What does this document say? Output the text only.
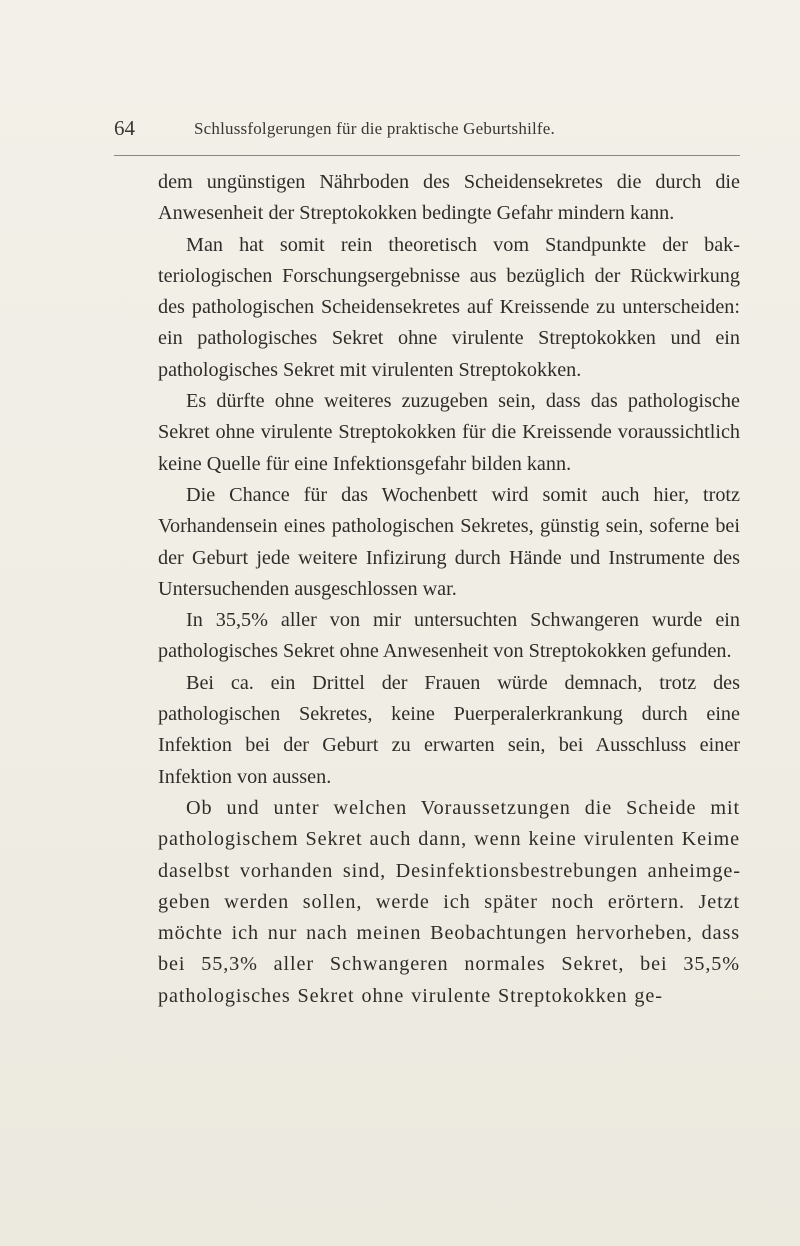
64	Schlussfolgerungen für die praktische Geburtshilfe.

dem ungünstigen Nährboden des Scheidensekretes die durch die Anwesenheit der Streptokokken bedingte Gefahr mindern kann.

Man hat somit rein theoretisch vom Standpunkte der bakteriologischen Forschungsergebnisse aus bezüglich der Rückwirkung des pathologischen Scheidensekretes auf Kreissende zu unterscheiden: ein pathologisches Sekret ohne virulente Streptokokken und ein pathologisches Sekret mit virulenten Streptokokken.

Es dürfte ohne weiteres zuzugeben sein, dass das pathologische Sekret ohne virulente Streptokokken für die Kreissende voraussichtlich keine Quelle für eine Infektionsgefahr bilden kann.

Die Chance für das Wochenbett wird somit auch hier, trotz Vorhandensein eines pathologischen Sekretes, günstig sein, soferne bei der Geburt jede weitere Infizirung durch Hände und Instrumente des Untersuchenden ausgeschlossen war.

In 35,5% aller von mir untersuchten Schwangeren wurde ein pathologisches Sekret ohne Anwesenheit von Streptokokken gefunden.

Bei ca. ein Drittel der Frauen würde demnach, trotz des pathologischen Sekretes, keine Puerperalerkrankung durch eine Infektion bei der Geburt zu erwarten sein, bei Ausschluss einer Infektion von aussen.

Ob und unter welchen Voraussetzungen die Scheide mit pathologischem Sekret auch dann, wenn keine virulenten Keime daselbst vorhanden sind, Desinfektionsbestrebungen anheimgegeben werden sollen, werde ich später noch erörtern. Jetzt möchte ich nur nach meinen Beobachtungen hervorheben, dass bei 55,3% aller Schwangeren normales Sekret, bei 35,5% pathologisches Sekret ohne virulente Streptokokken ge-
